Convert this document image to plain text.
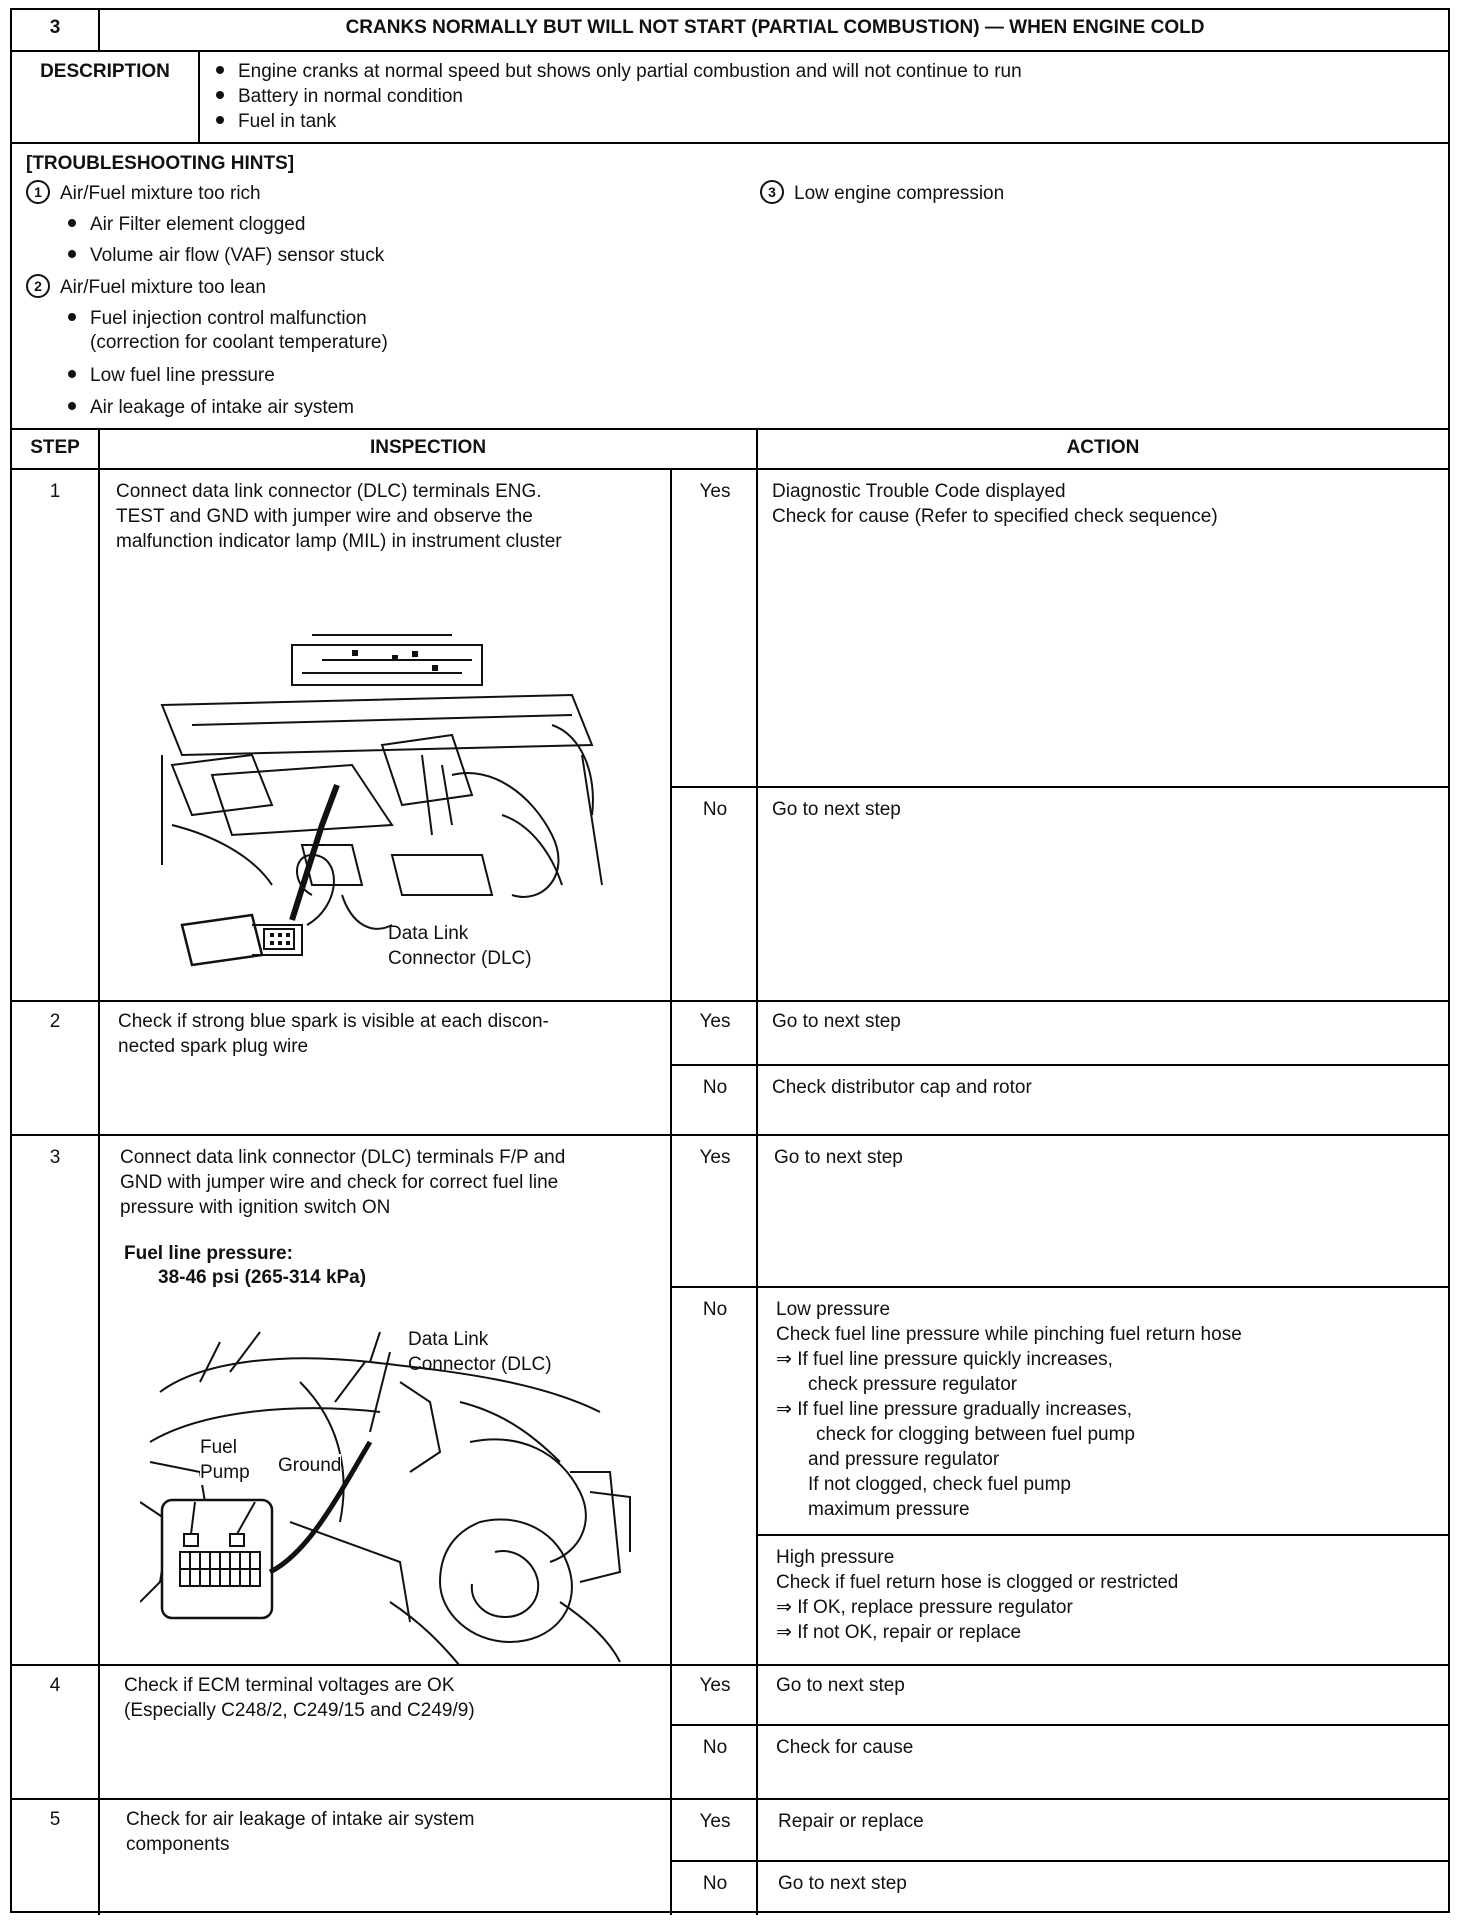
3	CRANKS NORMALLY BUT WILL NOT START (PARTIAL COMBUSTION) — WHEN ENGINE COLD
DESCRIPTION	Engine cranks at normal speed but shows only partial combustion and will not continue to run
Battery in normal condition
Fuel in tank
[TROUBLESHOOTING HINTS]
1 Air/Fuel mixture too rich
Air Filter element clogged
Volume air flow (VAF) sensor stuck
2 Air/Fuel mixture too lean
Fuel injection control malfunction
(correction for coolant temperature)
Low fuel line pressure
Air leakage of intake air system
3 Low engine compression
STEP	INSPECTION	ACTION
1	Connect data link connector (DLC) terminals ENG.
TEST and GND with jumper wire and observe the
malfunction indicator lamp (MIL) in instrument cluster
Data Link
Connector (DLC)
Yes	Diagnostic Trouble Code displayed
Check for cause (Refer to specified check sequence)
No	Go to next step
2	Check if strong blue spark is visible at each discon-
nected spark plug wire
Yes	Go to next step
No	Check distributor cap and rotor
3	Connect data link connector (DLC) terminals F/P and
GND with jumper wire and check for correct fuel line
pressure with ignition switch ON
Fuel line pressure:
38-46 psi (265-314 kPa)
Data Link
Connector (DLC)
Fuel
Pump Ground
Yes	Go to next step
No	Low pressure
Check fuel line pressure while pinching fuel return hose
⇒ If fuel line pressure quickly increases,
check pressure regulator
⇒ If fuel line pressure gradually increases,
check for clogging between fuel pump
and pressure regulator
If not clogged, check fuel pump
maximum pressure
High pressure
Check if fuel return hose is clogged or restricted
⇒ If OK, replace pressure regulator
⇒ If not OK, repair or replace
4	Check if ECM terminal voltages are OK
(Especially C248/2, C249/15 and C249/9)
Yes	Go to next step
No	Check for cause
5	Check for air leakage of intake air system
components
Yes	Repair or replace
No	Go to next step
